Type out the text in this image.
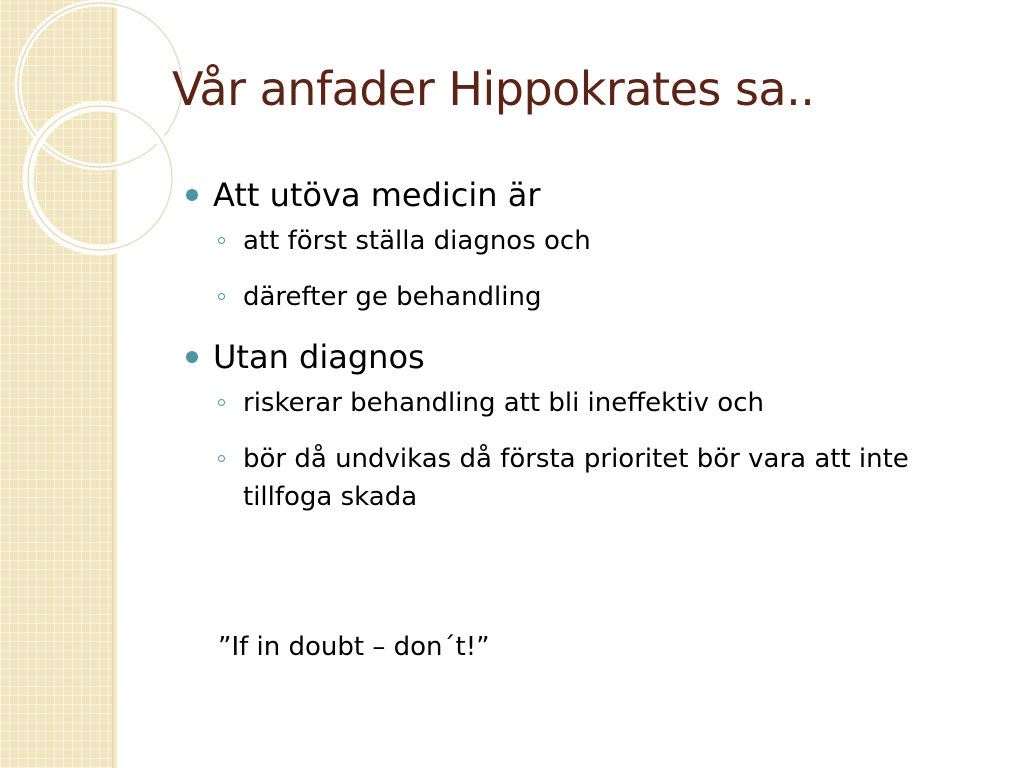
Vår anfader Hippokrates sa..
Att utöva medicin är
att först ställa diagnos och
därefter ge behandling
Utan diagnos
riskerar behandling att bli ineffektiv och
bör då undvikas då första prioritet bör vara att inte tillfoga skada
”If in doubt – don´t!”
